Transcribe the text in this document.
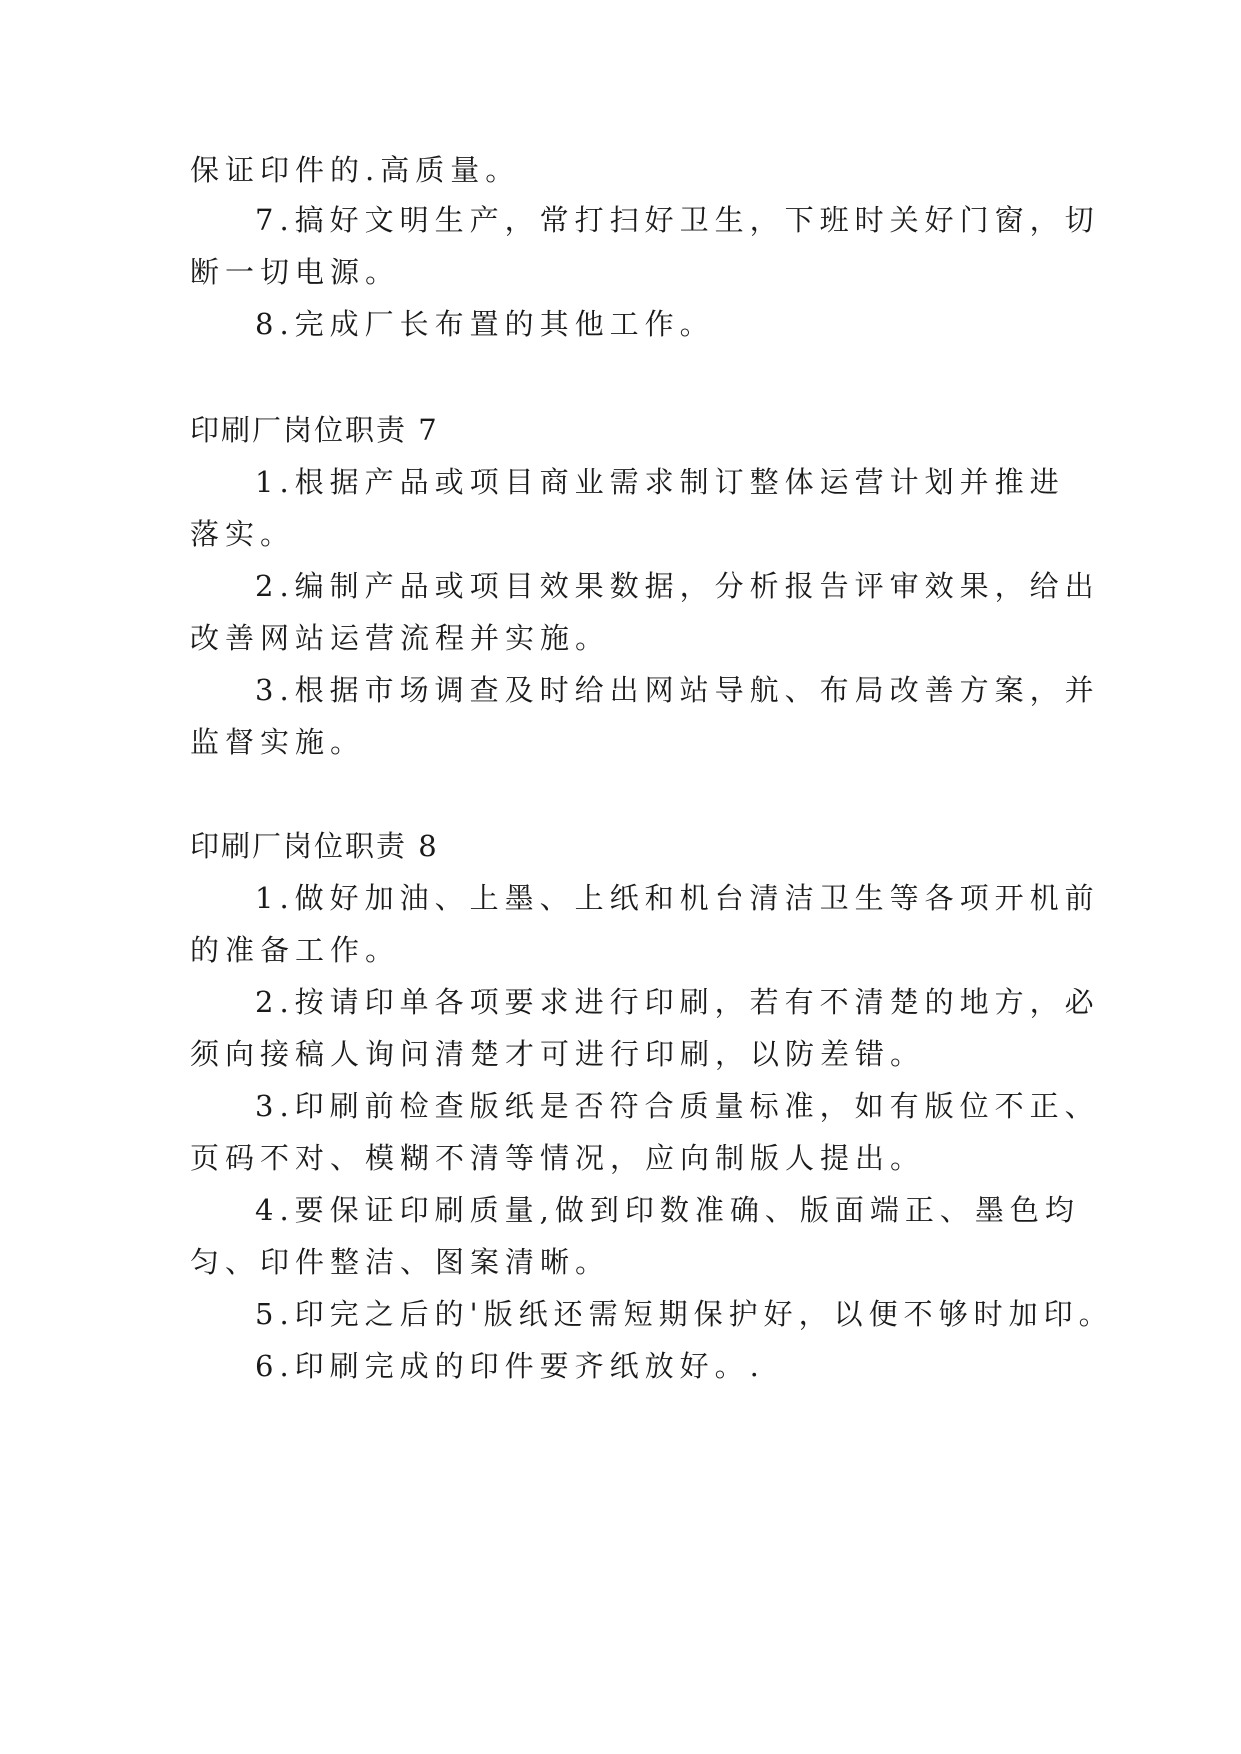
保证印件的.高质量。
7.搞好文明生产，常打扫好卫生，下班时关好门窗，切
断一切电源。
8.完成厂长布置的其他工作。
印刷厂岗位职责 7
1.根据产品或项目商业需求制订整体运营计划并推进
落实。
2.编制产品或项目效果数据，分析报告评审效果，给出
改善网站运营流程并实施。
3.根据市场调查及时给出网站导航、布局改善方案，并
监督实施。
印刷厂岗位职责 8
1.做好加油、上墨、上纸和机台清洁卫生等各项开机前
的准备工作。
2.按请印单各项要求进行印刷，若有不清楚的地方，必
须向接稿人询问清楚才可进行印刷，以防差错。
3.印刷前检查版纸是否符合质量标准，如有版位不正、
页码不对、模糊不清等情况，应向制版人提出。
4.要保证印刷质量,做到印数准确、版面端正、墨色均
匀、印件整洁、图案清晰。
5.印完之后的'版纸还需短期保护好，以便不够时加印。
6.印刷完成的印件要齐纸放好。.
